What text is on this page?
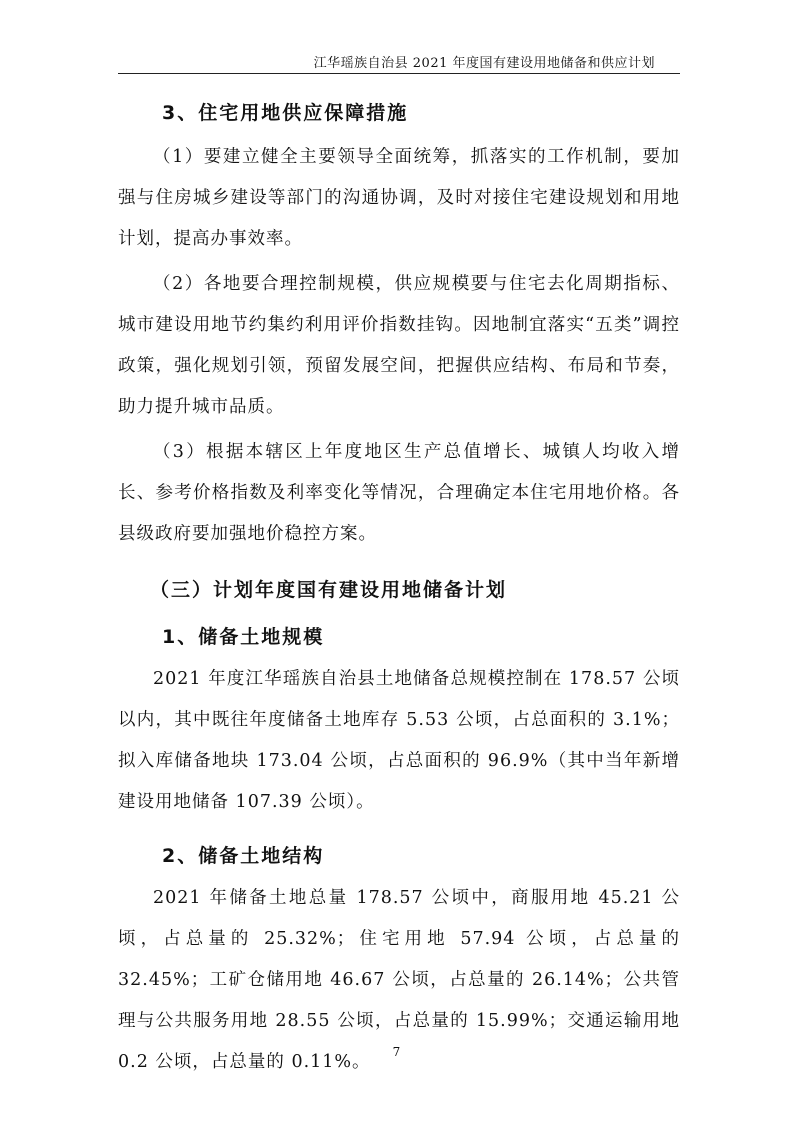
江华瑶族自治县 2021 年度国有建设用地储备和供应计划
3、住宅用地供应保障措施

（1）要建立健全主要领导全面统筹，抓落实的工作机制，要加强与住房城乡建设等部门的沟通协调，及时对接住宅建设规划和用地计划，提高办事效率。

（2）各地要合理控制规模，供应规模要与住宅去化周期指标、城市建设用地节约集约利用评价指数挂钩。因地制宜落实“五类”调控政策，强化规划引领，预留发展空间，把握供应结构、布局和节奏，助力提升城市品质。

（3）根据本辖区上年度地区生产总值增长、城镇人均收入增长、参考价格指数及利率变化等情况，合理确定本住宅用地价格。各县级政府要加强地价稳控方案。

（三）计划年度国有建设用地储备计划
1、储备土地规模

2021 年度江华瑶族自治县土地储备总规模控制在 178.57 公顷以内，其中既往年度储备土地库存 5.53 公顷，占总面积的 3.1%；拟入库储备地块 173.04 公顷，占总面积的 96.9%（其中当年新增建设用地储备 107.39 公顷）。

2、储备土地结构

2021 年储备土地总量 178.57 公顷中，商服用地 45.21 公顷，占总量的 25.32%；住宅用地 57.94 公顷，占总量的 32.45%；工矿仓储用地 46.67 公顷，占总量的 26.14%；公共管理与公共服务用地 28.55 公顷，占总量的 15.99%；交通运输用地 0.2 公顷，占总量的 0.11%。	7
